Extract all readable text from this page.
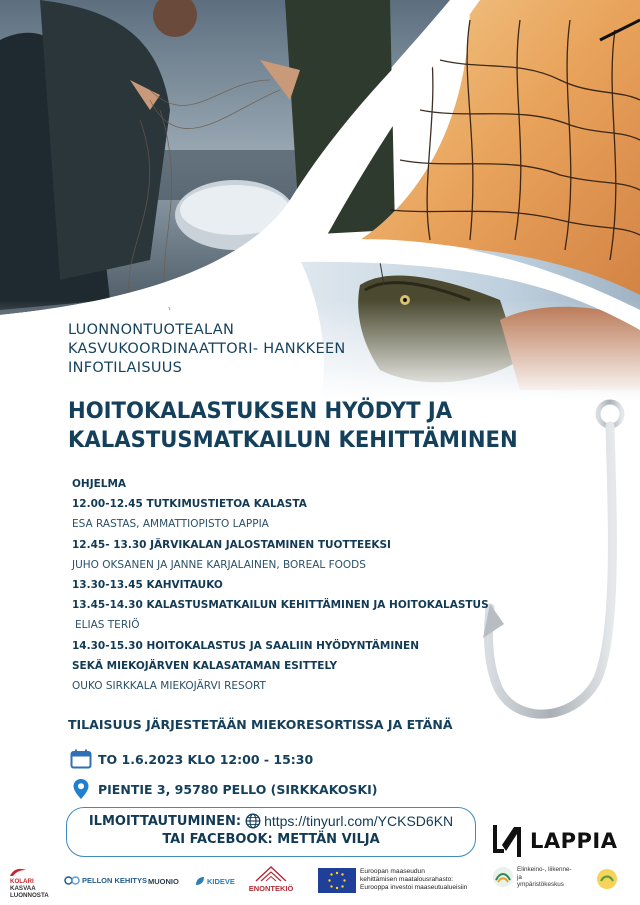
LUONNONTUOTEALAN
KASVUKOORDINAATTORI- HANKKEEN
INFOTILAISUUS
HOITOKALASTUKSEN HYÖDYT JA
KALASTUSMATKAILUN KEHITTÄMINEN
OHJELMA
12.00-12.45 TUTKIMUSTIETOA KALASTA
ESA RASTAS, AMMATTIOPISTO LAPPIA
12.45- 13.30 JÄRVIKALAN JALOSTAMINEN TUOTTEEKSI
JUHO OKSANEN JA JANNE KARJALAINEN, BOREAL FOODS
13.30-13.45 KAHVITAUKO
13.45-14.30 KALASTUSMATKAILUN KEHITTÄMINEN JA HOITOKALASTUS
ELIAS TERIÖ
14.30-15.30 HOITOKALASTUS JA SAALIIN HYÖDYNTÄMINEN
SEKÄ MIEKOJÄRVEN KALASATAMAN ESITTELY
OUKO SIRKKALA MIEKOJÄRVI RESORT
TILAISUUS JÄRJESTETÄÄN MIEKORESORTISSA JA ETÄNÄ
TO 1.6.2023 KLO 12:00 - 15:30
PIENTIE 3, 95780 PELLO (SIRKKAKOSKI)
ILMOITTAUTUMINEN: https://tinyurl.com/YCKSD6KN
TAI FACEBOOK: METTÄN VILJA	LAPPIA
KOLARI
KASVAA
LUONNOSTA
PELLON KEHITYS MUONIO	KIDEVE
ENONTEKIÖ
Euroopan maaseudun
kehittämisen maatalousrahasto:
Eurooppa investoi maaseutualueisiin
Elinkeino-, liikenne- ja
ympäristökeskus
